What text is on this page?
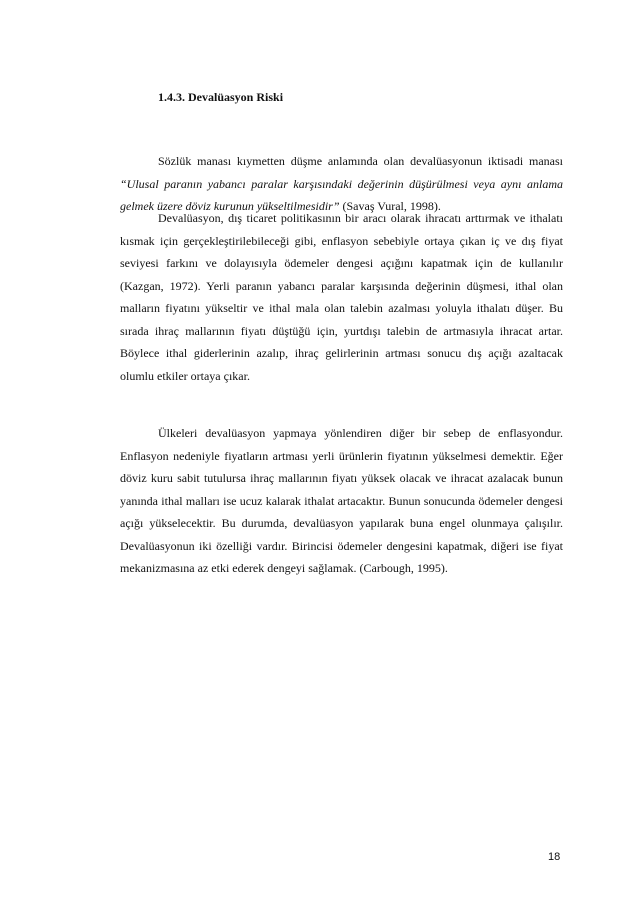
1.4.3. Devalüasyon Riski

Sözlük manası kıymetten düşme anlamında olan devalüasyonun iktisadi manası “Ulusal paranın yabancı paralar karşısındaki değerinin düşürülmesi veya aynı anlama gelmek üzere döviz kurunun yükseltilmesidir” (Savaş Vural, 1998).

Devalüasyon, dış ticaret politikasının bir aracı olarak ihracatı arttırmak ve ithalatı kısmak için gerçekleştirilebileceği gibi, enflasyon sebebiyle ortaya çıkan iç ve dış fiyat seviyesi farkını ve dolayısıyla ödemeler dengesi açığını kapatmak için de kullanılır (Kazgan, 1972). Yerli paranın yabancı paralar karşısında değerinin düşmesi, ithal olan malların fiyatını yükseltir ve ithal mala olan talebin azalması yoluyla ithalatı düşer. Bu sırada ihraç mallarının fiyatı düştüğü için, yurtdışı talebin de artmasıyla ihracat artar. Böylece ithal giderlerinin azalıp, ihraç gelirlerinin artması sonucu dış açığı azaltacak olumlu etkiler ortaya çıkar.

Ülkeleri devalüasyon yapmaya yönlendiren diğer bir sebep de enflasyondur. Enflasyon nedeniyle fiyatların artması yerli ürünlerin fiyatının yükselmesi demektir. Eğer döviz kuru sabit tutulursa ihraç mallarının fiyatı yüksek olacak ve ihracat azalacak bunun yanında ithal malları ise ucuz kalarak ithalat artacaktır. Bunun sonucunda ödemeler dengesi açığı yükselecektir. Bu durumda, devalüasyon yapılarak buna engel olunmaya çalışılır. Devalüasyonun iki özelliği vardır. Birincisi ödemeler dengesini kapatmak, diğeri ise fiyat mekanizmasına az etki ederek dengeyi sağlamak. (Carbough, 1995).

18
